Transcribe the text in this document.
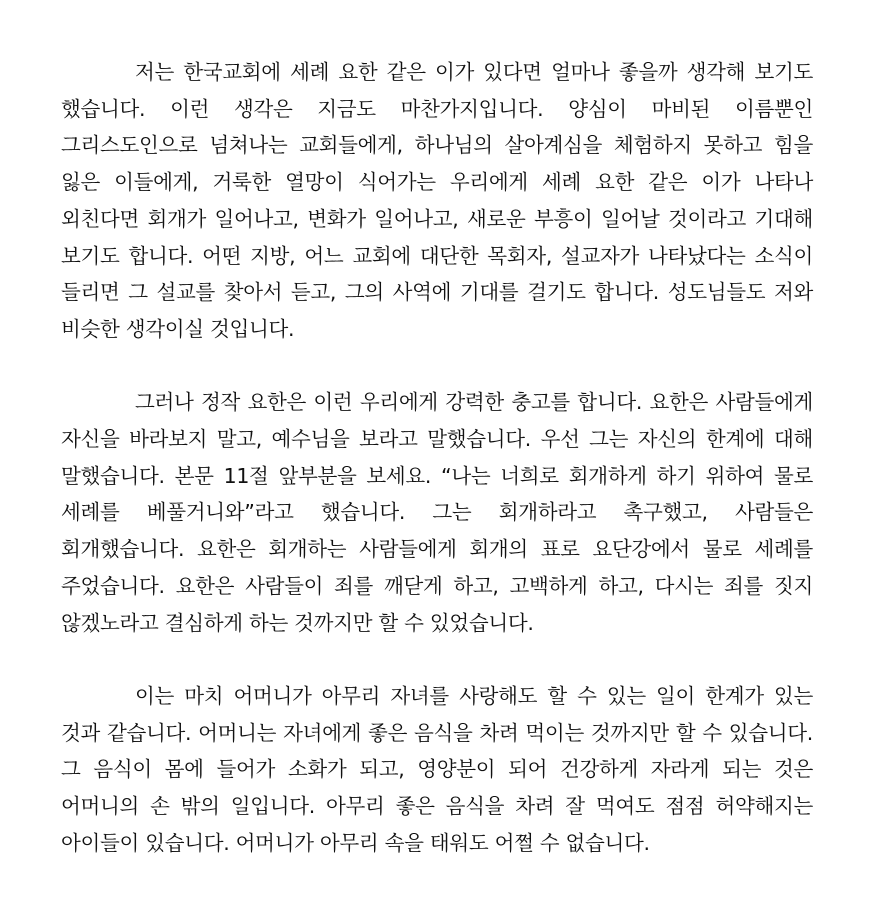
저는 한국교회에 세례 요한 같은 이가 있다면 얼마나 좋을까 생각해 보기도 했습니다. 이런 생각은 지금도 마찬가지입니다. 양심이 마비된 이름뿐인 그리스도인으로 넘쳐나는 교회들에게, 하나님의 살아계심을 체험하지 못하고 힘을 잃은 이들에게, 거룩한 열망이 식어가는 우리에게 세례 요한 같은 이가 나타나 외친다면 회개가 일어나고, 변화가 일어나고, 새로운 부흥이 일어날 것이라고 기대해 보기도 합니다. 어떤 지방, 어느 교회에 대단한 목회자, 설교자가 나타났다는 소식이 들리면 그 설교를 찾아서 듣고, 그의 사역에 기대를 걸기도 합니다. 성도님들도 저와 비슷한 생각이실 것입니다.

그러나 정작 요한은 이런 우리에게 강력한 충고를 합니다. 요한은 사람들에게 자신을 바라보지 말고, 예수님을 보라고 말했습니다. 우선 그는 자신의 한계에 대해 말했습니다. 본문 11절 앞부분을 보세요. “나는 너희로 회개하게 하기 위하여 물로 세례를 베풀거니와”라고 했습니다. 그는 회개하라고 촉구했고, 사람들은 회개했습니다. 요한은 회개하는 사람들에게 회개의 표로 요단강에서 물로 세례를 주었습니다. 요한은 사람들이 죄를 깨닫게 하고, 고백하게 하고, 다시는 죄를 짓지 않겠노라고 결심하게 하는 것까지만 할 수 있었습니다.

이는 마치 어머니가 아무리 자녀를 사랑해도 할 수 있는 일이 한계가 있는 것과 같습니다. 어머니는 자녀에게 좋은 음식을 차려 먹이는 것까지만 할 수 있습니다. 그 음식이 몸에 들어가 소화가 되고, 영양분이 되어 건강하게 자라게 되는 것은 어머니의 손 밖의 일입니다. 아무리 좋은 음식을 차려 잘 먹여도 점점 허약해지는 아이들이 있습니다. 어머니가 아무리 속을 태워도 어쩔 수 없습니다.
